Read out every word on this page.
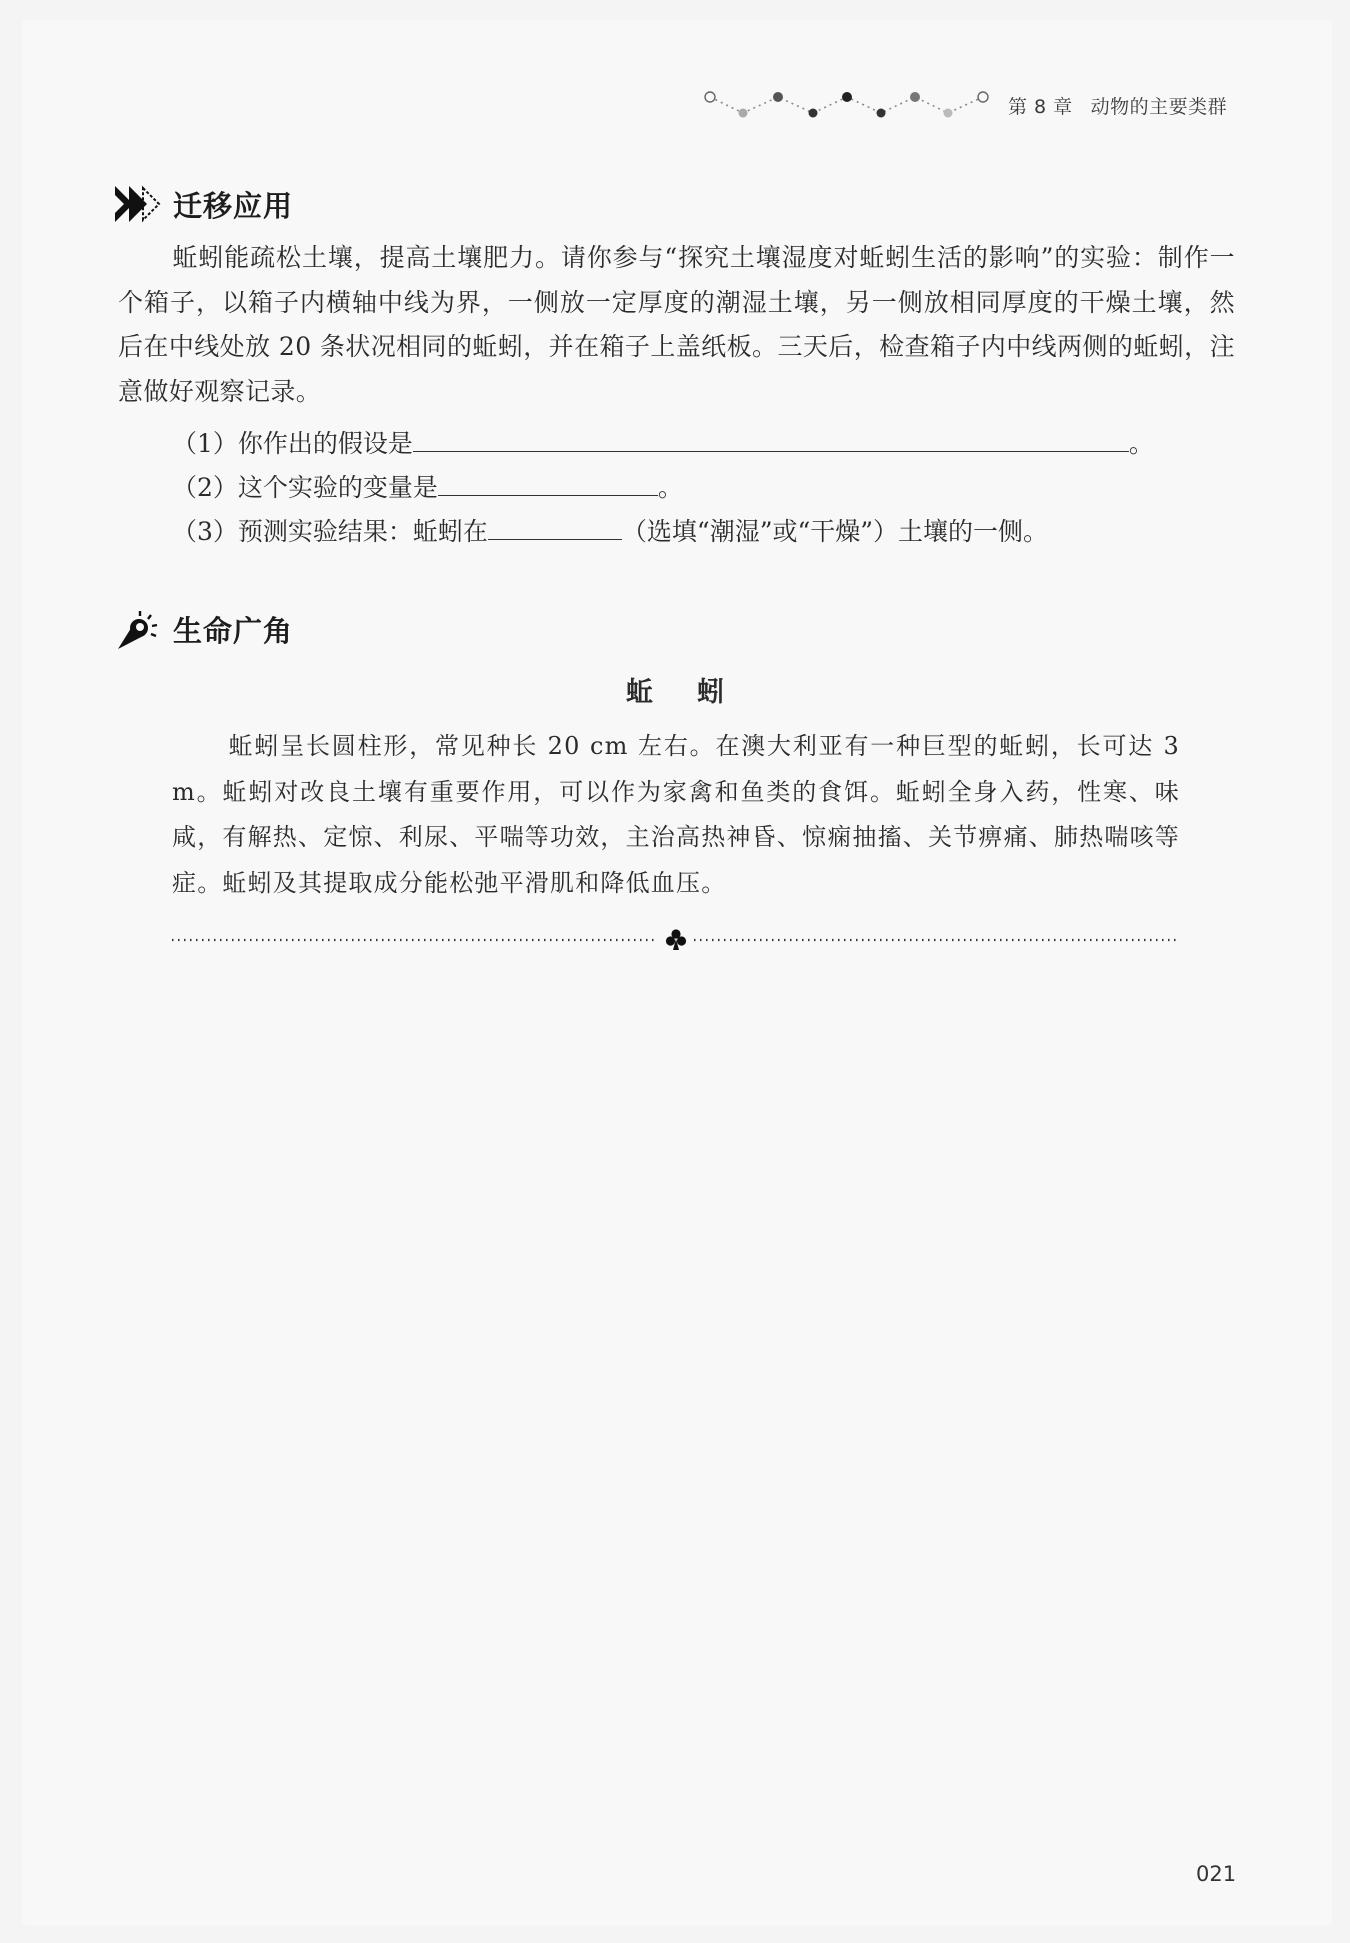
第 8 章 动物的主要类群
迁移应用
蚯蚓能疏松土壤，提高土壤肥力。请你参与“探究土壤湿度对蚯蚓生活的影响”的实验：制作一个箱子，以箱子内横轴中线为界，一侧放一定厚度的潮湿土壤，另一侧放相同厚度的干燥土壤，然后在中线处放 20 条状况相同的蚯蚓，并在箱子上盖纸板。三天后，检查箱子内中线两侧的蚯蚓，注意做好观察记录。
（1） 你作出的假设是	。
（2） 这个实验的变量是	。
（3） 预测实验结果：蚯蚓在	（选填“潮湿”或“干燥”）土壤的一侧。
生命广角
蚯蚓
蚯蚓呈长圆柱形，常见种长 20 cm 左右。在澳大利亚有一种巨型的蚯蚓，长可达 3 m。蚯蚓对改良土壤有重要作用，可以作为家禽和鱼类的食饵。蚯蚓全身入药，性寒、味咸，有解热、定惊、利尿、平喘等功效，主治高热神昏、惊痫抽搐、关节痹痛、肺热喘咳等症。蚯蚓及其提取成分能松弛平滑肌和降低血压。
021
